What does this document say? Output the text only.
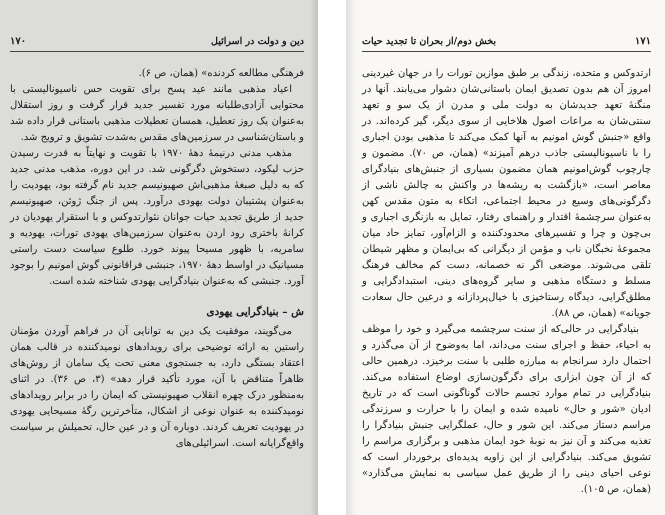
۱۷۰	دین و دولت در اسرائیل

فرهنگی مطالعه کرد‌نده» (همان، ص ۶).

اعیاد مذهبی مانند عید پسح برای تقویت حس ناسیونالیستی با محتوایی آزادی‌طلبانه مورد تفسیر جدید قرار گرفت و روز استقلال به‌عنوان یک روز تعطیل، همسان تعطیلات مذهبی باستانی قرار داده شد و باستان‌شناسی در سرزمین‌های مقدس به‌شدت تشویق و ترویج شد.

مذهب مدنی درنیمهٔ دههٔ ۱۹۷۰ با تقویت و نهایتاً به قدرت رسیدن حزب لیکود، دستخوش دگرگونی شد. در این دوره، مذهب مدنی جدید که به دلیل صبغهٔ مذهبی‌اش صهیونیسم جدید نام گرفته بود، یهودیت را به‌عنوان پشتیبان دولت یهودی درآورد. پس از جنگ ژوئن، صهیونیسم جدید از طریق تجدید حیات جوانان نئوارتدوکس و با استقرار یهودیان در کرانهٔ باختری رود اردن به‌عنوان سرزمین‌های یهودی تورات، یهودیه و سامریه، با ظهور مسیحا پیوند خورد. طلوع سیاست دست راستی مسیانیک در اواسط دههٔ ۱۹۷۰، جنبشی فراقانونی گوش امونیم را بوجود آورد. جنبشی که به‌عنوان بنیادگرایی یهودی شناخته شده است.

ش – بنیادگرایی یهودی

می‌گویند، موفقیت یک دین به توانایی آن در فراهم آوردن مؤمنان راستین به ارائه توضیحی برای رویدادهای نومیدکننده در قالب همان اعتقاد بستگی دارد، به جستجوی معنی تحت یک سامان از روش‌های ظاهراً متناقض با آن، مورد تأکید قرار دهد» (۳، ص ۳۶). در اثنای به‌منظور درک چهره انقلاب صهیونیستی که ایمان را در برابر رویدادهای نومیدکننده به عنوان نوعی از اشکال، متأخرترین رگهٔ مسیحایی یهودی در یهودیت تعریف کردند. دوباره آن و در عین حال، تحمیلش بر سیاست واقع‌گرایانه است. اسرائیلی‌های

بخش دوم/از بحران تا تجدید حیات	۱۷۱

ارتدوکس و متحده، زندگی بر طبق موازین تورات را در جهان غیردینی امروز آن هم بدون تصدیق ایمان باستانی‌شان دشوار می‌یابند. آنها در منگنهٔ تعهد جدیدشان به دولت ملی و مدرن از یک سو و تعهد سنتی‌شان به مراعات اصول هلاخایی از سوی دیگر، گیر کرده‌اند. در واقع «جنبش گوش امونیم به آنها کمک می‌کند تا مذهبی بودن اجباری را با ناسیونالیستی جاذب درهم آمیزند» (همان، ص ۷۰). مضمون و چارچوب گوش‌امونیم همان مضمون بسیاری از جنبش‌های بنیادگرای معاصر است، «بازگشت به ریشه‌ها در واکنش به چالش ناشی از دگرگونی‌های وسیع در محیط اجتماعی، اتکاء به متون مقدس کهن به‌عنوان سرچشمهٔ اقتدار و راهنمای رفتار، تمایل به بازنگری اجباری و بی‌چون و چرا و تفسیرهای محدودکننده و الزام‌آور، تمایز حاد میان مجموعهٔ نخبگان ناب و مؤمن از دیگرانی که بی‌ایمان و مظهر شیطان تلقی می‌شوند. موضعی اگر نه خصمانه، دست کم مخالف فرهنگ مسلط و دستگاه مذهبی و سایر گروه‌های دینی، استبدادگرایی و مطلق‌گرایی، دیدگاه رستاخیزی با خیال‌پردازانه و درعین حال سعادت جویانه» (همان، ص ۸۸).

بنیادگرایی در حالی‌که از سنت سرچشمه می‌گیرد و خود را موظف به احیاء، حفظ و اجرای سنت می‌داند، اما به‌وضوح از آن می‌گذرد و احتمال دارد سرانجام به مبارزه طلبی با سنت برخیزد. درهمین حالی که از آن چون ابزاری برای دگرگون‌سازی اوضاع استفاده می‌کند. بنیادگرایی در تمام موارد تجسم حالات گوناگونی است که در تاریخ ادیان «شور و حال» نامیده شده و ایمان را با حرارت و سرزندگی مراسم دستاز می‌کند. این شور و حال، عملگرایی جنبش بنیادگرا را تغذیه می‌کند و آن نیز به نوبهٔ خود ایمان مذهبی و برگزاری مراسم را تشویق می‌کند. بنیادگرایی از این زاویه پدیده‌ای برخوردار است که نوعی احیای دینی را از طریق عمل سیاسی به نمایش می‌گذارد» (همان، ص ۱۰۵).
